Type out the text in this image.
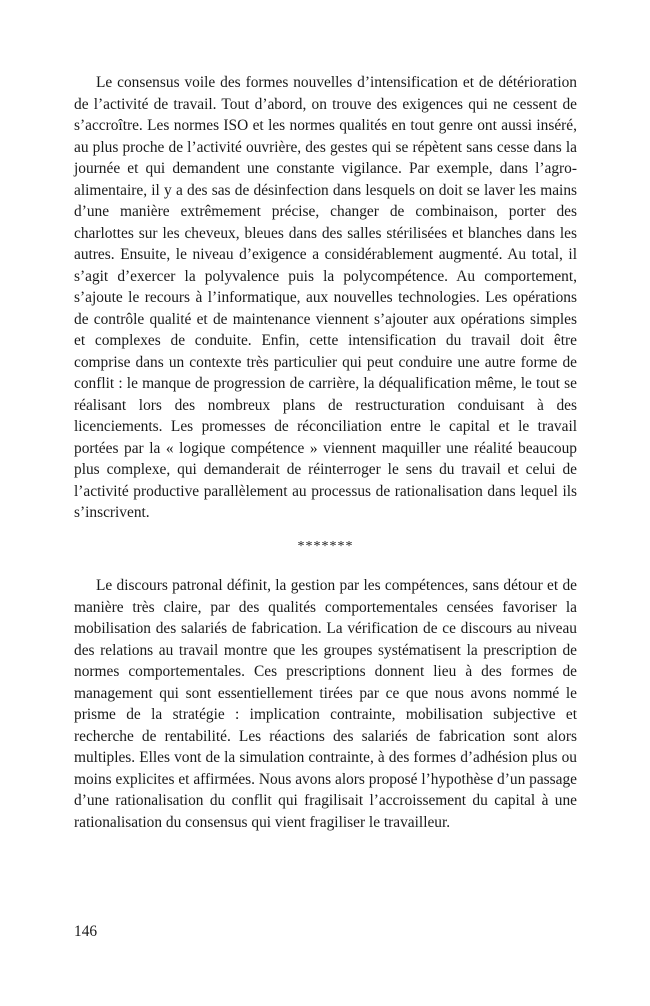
Le consensus voile des formes nouvelles d’intensification et de détérioration de l’activité de travail. Tout d’abord, on trouve des exigences qui ne cessent de s’accroître. Les normes ISO et les normes qualités en tout genre ont aussi inséré, au plus proche de l’activité ouvrière, des gestes qui se répètent sans cesse dans la journée et qui demandent une constante vigilance. Par exemple, dans l’agro-alimentaire, il y a des sas de désinfection dans lesquels on doit se laver les mains d’une manière extrêmement précise, changer de combinaison, porter des charlottes sur les cheveux, bleues dans des salles stérilisées et blanches dans les autres. Ensuite, le niveau d’exigence a considérablement augmenté. Au total, il s’agit d’exercer la polyvalence puis la polycompétence. Au comportement, s’ajoute le recours à l’informatique, aux nouvelles technologies. Les opérations de contrôle qualité et de maintenance viennent s’ajouter aux opérations simples et complexes de conduite. Enfin, cette intensification du travail doit être comprise dans un contexte très particulier qui peut conduire une autre forme de conflit : le manque de progression de carrière, la déqualification même, le tout se réalisant lors des nombreux plans de restructuration conduisant à des licenciements. Les promesses de réconciliation entre le capital et le travail portées par la « logique compétence » viennent maquiller une réalité beaucoup plus complexe, qui demanderait de réinterroger le sens du travail et celui de l’activité productive parallèlement au processus de rationalisation dans lequel ils s’inscrivent.

*******

Le discours patronal définit, la gestion par les compétences, sans détour et de manière très claire, par des qualités comportementales censées favoriser la mobilisation des salariés de fabrication. La vérification de ce discours au niveau des relations au travail montre que les groupes systématisent la prescription de normes comportementales. Ces prescriptions donnent lieu à des formes de management qui sont essentiellement tirées par ce que nous avons nommé le prisme de la stratégie : implication contrainte, mobilisation subjective et recherche de rentabilité. Les réactions des salariés de fabrication sont alors multiples. Elles vont de la simulation contrainte, à des formes d’adhésion plus ou moins explicites et affirmées. Nous avons alors proposé l’hypothèse d’un passage d’une rationalisation du conflit qui fragilisait l’accroissement du capital à une rationalisation du consensus qui vient fragiliser le travailleur.

146
